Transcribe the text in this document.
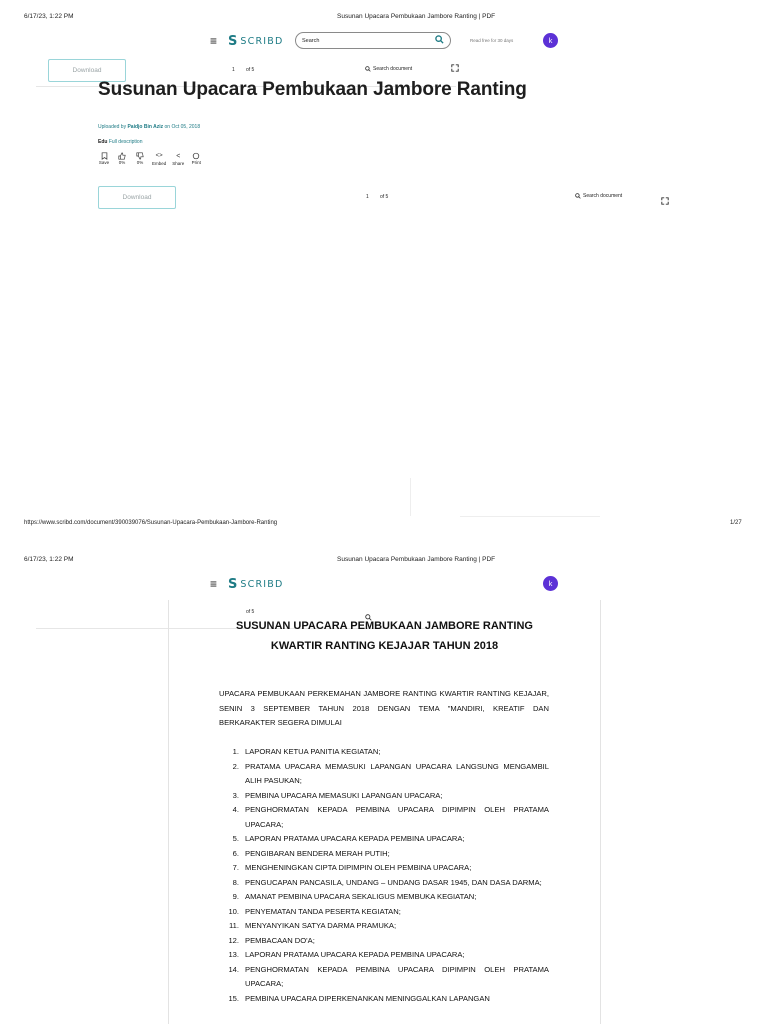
6/17/23, 1:22 PM	Susunan Upacara Pembukaan Jambore Ranting | PDF
≡ S SCRIBD	Search	Read free for 30 days	k
Download	1 of 5	Search document
Susunan Upacara Pembukaan Jambore Ranting
Uploaded by Paidjo Bin Aziz on Oct 05, 2018
Edu Full description
Save 0%	0%
<>
Embed
<
Share Print
Download	1 of 5	Search document
https://www.scribd.com/document/390039076/Susunan-Upacara-Pembukaan-Jambore-Ranting	1/27
6/17/23, 1:22 PM	Susunan Upacara Pembukaan Jambore Ranting | PDF
≡ S SCRIBD	k
of 5
SUSUNAN UPACARA PEMBUKAAN JAMBORE RANTING
KWARTIR RANTING KEJAJAR TAHUN 2018
UPACARA PEMBUKAAN PERKEMAHAN JAMBORE RANTING KWARTIR RANTING KEJAJAR, SENIN 3 SEPTEMBER TAHUN 2018 DENGAN TEMA "MANDIRI, KREATIF DAN BERKARAKTER SEGERA DIMULAI
1. LAPORAN KETUA PANITIA KEGIATAN;
2. PRATAMA UPACARA MEMASUKI LAPANGAN UPACARA LANGSUNG MENGAMBIL ALIH PASUKAN;
3. PEMBINA UPACARA MEMASUKI LAPANGAN UPACARA;
4. PENGHORMATAN KEPADA PEMBINA UPACARA DIPIMPIN OLEH PRATAMA UPACARA;
5. LAPORAN PRATAMA UPACARA KEPADA PEMBINA UPACARA;
6. PENGIBARAN BENDERA MERAH PUTIH;
7. MENGHENINGKAN CIPTA DIPIMPIN OLEH PEMBINA UPACARA;
8. PENGUCAPAN PANCASILA, UNDANG – UNDANG DASAR 1945, DAN DASA DARMA;
9. AMANAT PEMBINA UPACARA SEKALIGUS MEMBUKA KEGIATAN;
10. PENYEMATAN TANDA PESERTA KEGIATAN;
11. MENYANYIKAN SATYA DARMA PRAMUKA;
12. PEMBACAAN DO'A;
13. LAPORAN PRATAMA UPACARA KEPADA PEMBINA UPACARA;
14. PENGHORMATAN KEPADA PEMBINA UPACARA DIPIMPIN OLEH PRATAMA UPACARA;
15. PEMBINA UPACARA DIPERKENANKAN MENINGGALKAN LAPANGAN
